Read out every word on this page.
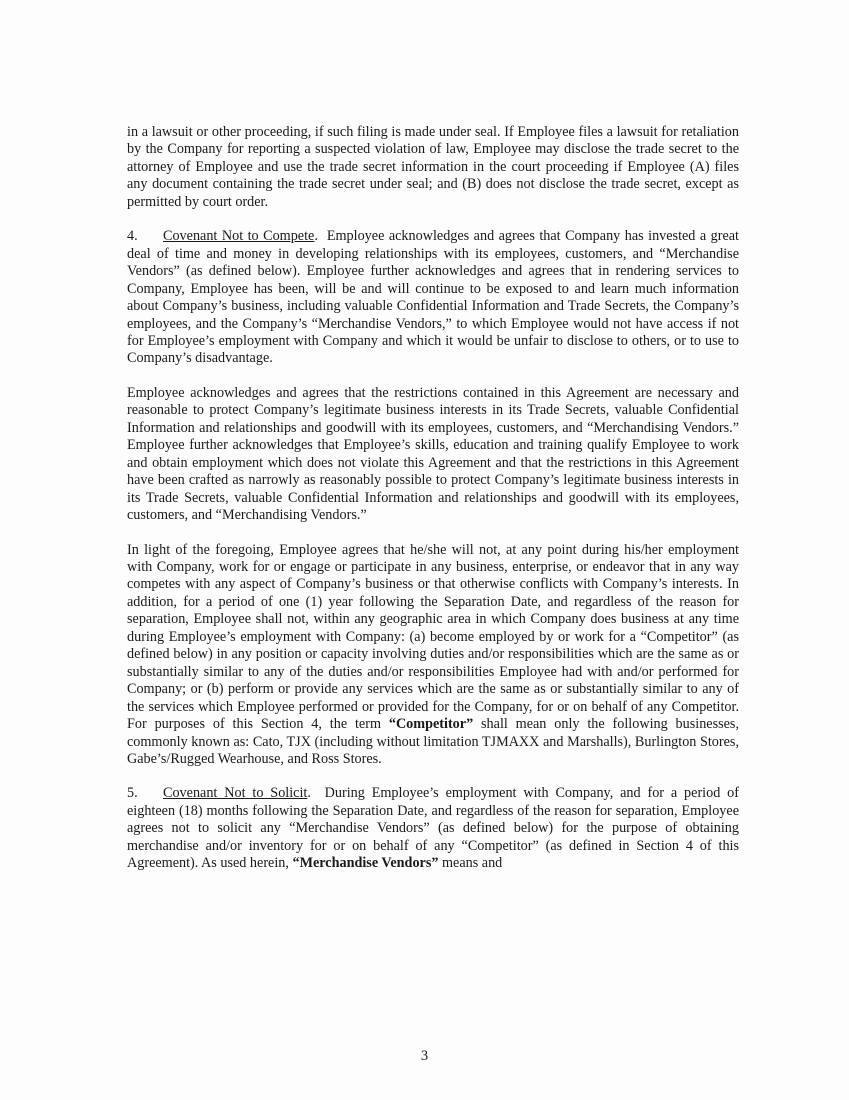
in a lawsuit or other proceeding, if such filing is made under seal. If Employee files a lawsuit for retaliation by the Company for reporting a suspected violation of law, Employee may disclose the trade secret to the attorney of Employee and use the trade secret information in the court proceeding if Employee (A) files any document containing the trade secret under seal; and (B) does not disclose the trade secret, except as permitted by court order.

4. Covenant Not to Compete. Employee acknowledges and agrees that Company has invested a great deal of time and money in developing relationships with its employees, customers, and “Merchandise Vendors” (as defined below). Employee further acknowledges and agrees that in rendering services to Company, Employee has been, will be and will continue to be exposed to and learn much information about Company’s business, including valuable Confidential Information and Trade Secrets, the Company’s employees, and the Company’s “Merchandise Vendors,” to which Employee would not have access if not for Employee’s employment with Company and which it would be unfair to disclose to others, or to use to Company’s disadvantage.

Employee acknowledges and agrees that the restrictions contained in this Agreement are necessary and reasonable to protect Company’s legitimate business interests in its Trade Secrets, valuable Confidential Information and relationships and goodwill with its employees, customers, and “Merchandising Vendors.” Employee further acknowledges that Employee’s skills, education and training qualify Employee to work and obtain employment which does not violate this Agreement and that the restrictions in this Agreement have been crafted as narrowly as reasonably possible to protect Company’s legitimate business interests in its Trade Secrets, valuable Confidential Information and relationships and goodwill with its employees, customers, and “Merchandising Vendors.”

In light of the foregoing, Employee agrees that he/she will not, at any point during his/her employment with Company, work for or engage or participate in any business, enterprise, or endeavor that in any way competes with any aspect of Company’s business or that otherwise conflicts with Company’s interests. In addition, for a period of one (1) year following the Separation Date, and regardless of the reason for separation, Employee shall not, within any geographic area in which Company does business at any time during Employee’s employment with Company: (a) become employed by or work for a “Competitor” (as defined below) in any position or capacity involving duties and/or responsibilities which are the same as or substantially similar to any of the duties and/or responsibilities Employee had with and/or performed for Company; or (b) perform or provide any services which are the same as or substantially similar to any of the services which Employee performed or provided for the Company, for or on behalf of any Competitor. For purposes of this Section 4, the term “Competitor” shall mean only the following businesses, commonly known as: Cato, TJX (including without limitation TJMAXX and Marshalls), Burlington Stores, Gabe’s/Rugged Wearhouse, and Ross Stores.

5. Covenant Not to Solicit. During Employee’s employment with Company, and for a period of eighteen (18) months following the Separation Date, and regardless of the reason for separation, Employee agrees not to solicit any “Merchandise Vendors” (as defined below) for the purpose of obtaining merchandise and/or inventory for or on behalf of any “Competitor” (as defined in Section 4 of this Agreement). As used herein, “Merchandise Vendors” means and

3
